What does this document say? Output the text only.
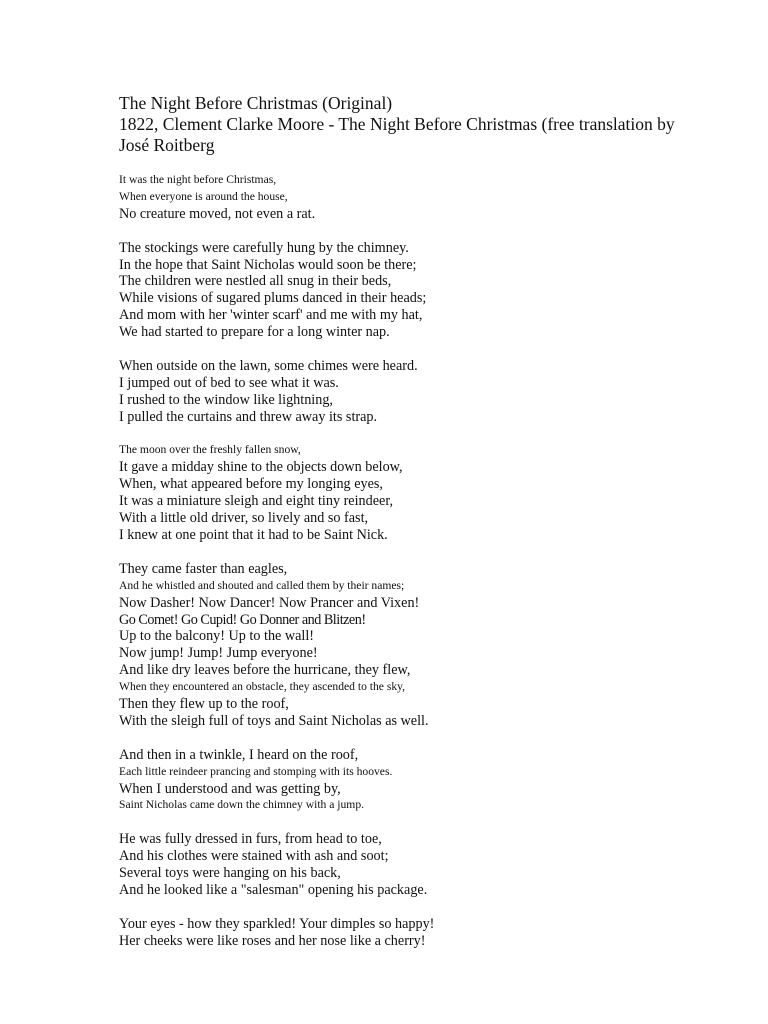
The Night Before Christmas (Original)
1822, Clement Clarke Moore - The Night Before Christmas (free translation by
José Roitberg
It was the night before Christmas,
When everyone is around the house,
No creature moved, not even a rat.
The stockings were carefully hung by the chimney.
In the hope that Saint Nicholas would soon be there;
The children were nestled all snug in their beds,
While visions of sugared plums danced in their heads;
And mom with her 'winter scarf' and me with my hat,
We had started to prepare for a long winter nap.
When outside on the lawn, some chimes were heard.
I jumped out of bed to see what it was.
I rushed to the window like lightning,
I pulled the curtains and threw away its strap.
The moon over the freshly fallen snow,
It gave a midday shine to the objects down below,
When, what appeared before my longing eyes,
It was a miniature sleigh and eight tiny reindeer,
With a little old driver, so lively and so fast,
I knew at one point that it had to be Saint Nick.
They came faster than eagles,
And he whistled and shouted and called them by their names;
Now Dasher! Now Dancer! Now Prancer and Vixen!
Go Comet! Go Cupid! Go Donner and Blitzen!
Up to the balcony! Up to the wall!
Now jump! Jump! Jump everyone!
And like dry leaves before the hurricane, they flew,
When they encountered an obstacle, they ascended to the sky,
Then they flew up to the roof,
With the sleigh full of toys and Saint Nicholas as well.
And then in a twinkle, I heard on the roof,
Each little reindeer prancing and stomping with its hooves.
When I understood and was getting by,
Saint Nicholas came down the chimney with a jump.
He was fully dressed in furs, from head to toe,
And his clothes were stained with ash and soot;
Several toys were hanging on his back,
And he looked like a "salesman" opening his package.
Your eyes - how they sparkled! Your dimples so happy!
Her cheeks were like roses and her nose like a cherry!
